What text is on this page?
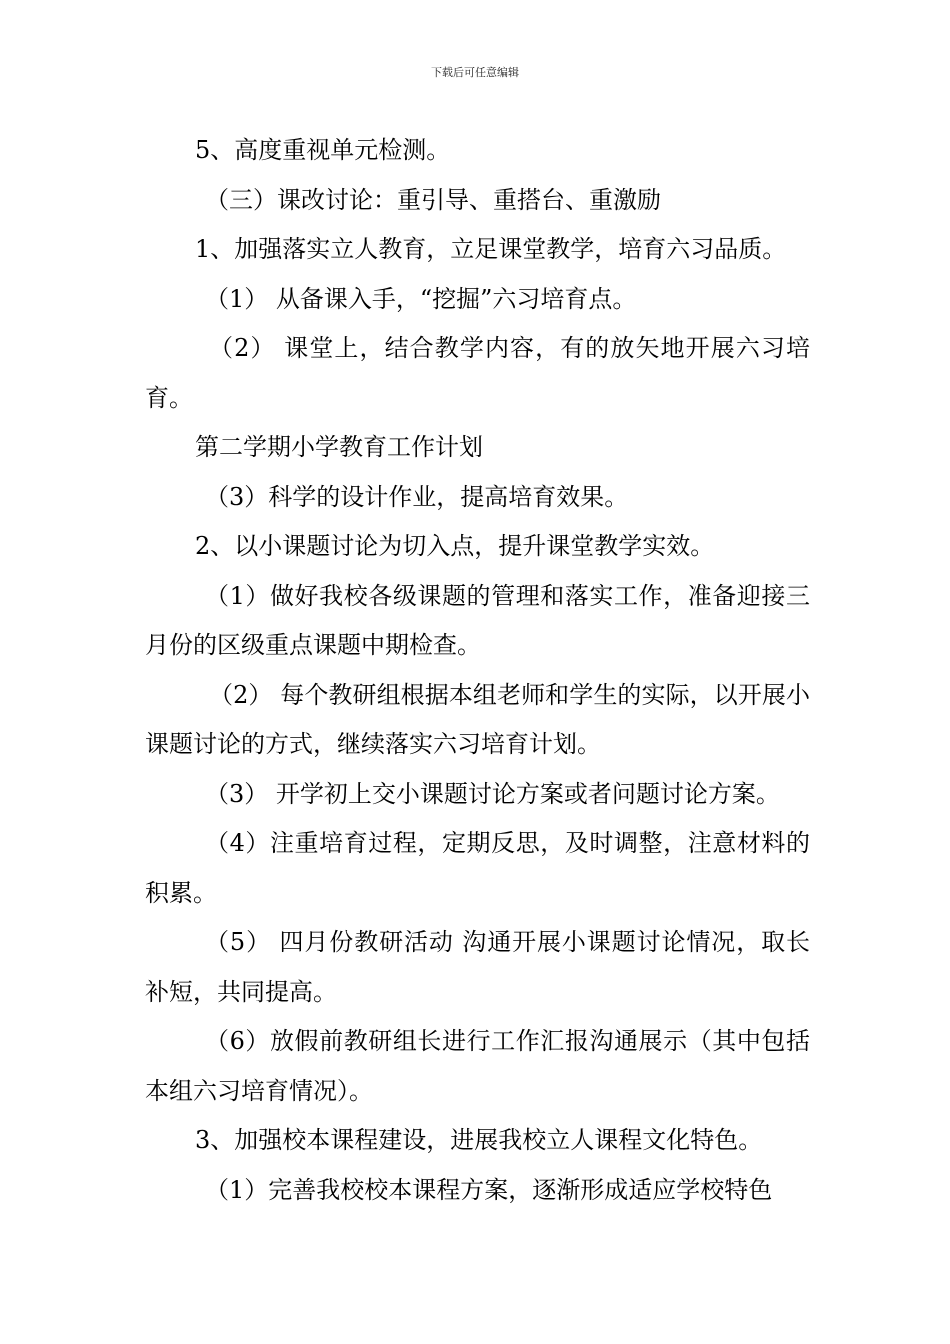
下载后可任意编辑

5、高度重视单元检测。

（三）课改讨论：重引导、重搭台、重激励

1、加强落实立人教育，立足课堂教学，培育六习品质。

（1） 从备课入手，“挖掘”六习培育点。

（2） 课堂上，结合教学内容，有的放矢地开展六习培育。

第二学期小学教育工作计划

（3）科学的设计作业，提高培育效果。

2、以小课题讨论为切入点，提升课堂教学实效。

（1）做好我校各级课题的管理和落实工作，准备迎接三月份的区级重点课题中期检查。

（2） 每个教研组根据本组老师和学生的实际，以开展小课题讨论的方式，继续落实六习培育计划。

（3） 开学初上交小课题讨论方案或者问题讨论方案。

（4）注重培育过程，定期反思，及时调整，注意材料的积累。

（5） 四月份教研活动 沟通开展小课题讨论情况，取长补短，共同提高。

（6）放假前教研组长进行工作汇报沟通展示（其中包括本组六习培育情况）。

3、加强校本课程建设，进展我校立人课程文化特色。

（1）完善我校校本课程方案，逐渐形成适应学校特色
